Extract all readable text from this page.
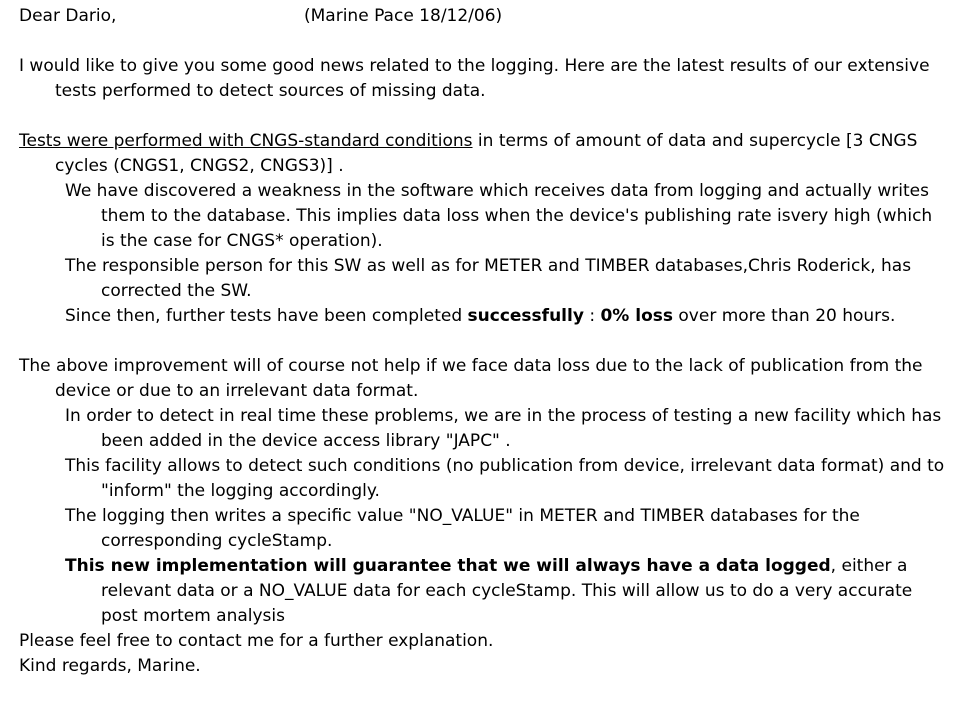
Dear Dario,	(Marine Pace 18/12/06)
I would like to give you some good news related to the logging. Here are the latest results of our extensive tests performed to detect sources of missing data.
Tests were performed with CNGS-standard conditions in terms of amount of data and supercycle [3 CNGS cycles (CNGS1, CNGS2, CNGS3)] .
We have discovered a weakness in the software which receives data from logging and actually writes them to the database. This implies data loss when the device's publishing rate isvery high (which is the case for CNGS* operation).
The responsible person for this SW as well as for METER and TIMBER databases,Chris Roderick, has corrected the SW.
Since then, further tests have been completed successfully : 0% loss over more than 20 hours.
The above improvement will of course not help if we face data loss due to the lack of publication from the device or due to an irrelevant data format.
In order to detect in real time these problems, we are in the process of testing a new facility which has been added in the device access library "JAPC" .
This facility allows to detect such conditions (no publication from device, irrelevant data format) and to "inform" the logging accordingly.
The logging then writes a specific value "NO_VALUE" in METER and TIMBER databases for the corresponding cycleStamp.
This new implementation will guarantee that we will always have a data logged, either a relevant data or a NO_VALUE data for each cycleStamp. This will allow us to do a very accurate post mortem analysis
Please feel free to contact me for a further explanation.
Kind regards, Marine.
